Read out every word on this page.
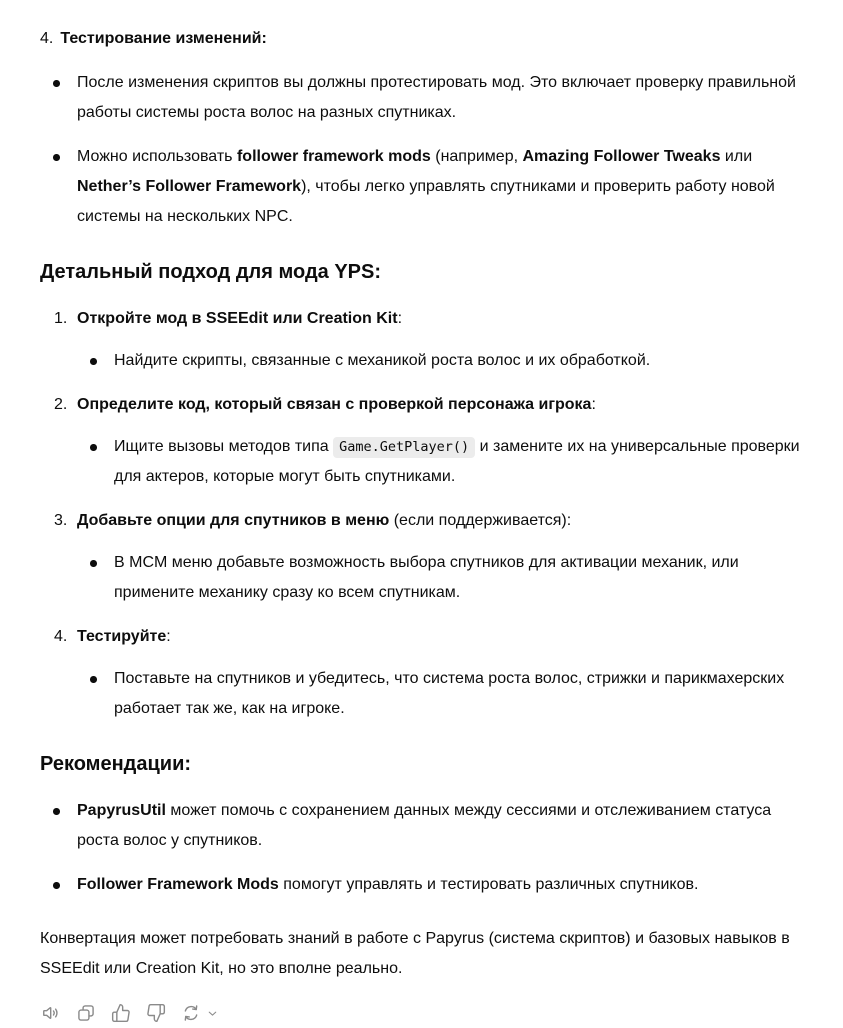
4. Тестирование изменений:

После изменения скриптов вы должны протестировать мод. Это включает проверку правильной работы системы роста волос на разных спутниках.
Можно использовать follower framework mods (например, Amazing Follower Tweaks или Nether’s Follower Framework), чтобы легко управлять спутниками и проверить работу новой системы на нескольких NPC.
Детальный подход для мода YPS:
1. Откройте мод в SSEEdit или Creation Kit:

Найдите скрипты, связанные с механикой роста волос и их обработкой.
2. Определите код, который связан с проверкой персонажа игрока:

Ищите вызовы методов типа Game.GetPlayer() и замените их на универсальные проверки для актеров, которые могут быть спутниками.
3. Добавьте опции для спутников в меню (если поддерживается):

В MCM меню добавьте возможность выбора спутников для активации механик, или примените механику сразу ко всем спутникам.
4. Тестируйте:

Поставьте на спутников и убедитесь, что система роста волос, стрижки и парикмахерских работает так же, как на игроке.
Рекомендации:
PapyrusUtil может помочь с сохранением данных между сессиями и отслеживанием статуса роста волос у спутников.
Follower Framework Mods помогут управлять и тестировать различных спутников.

Конвертация может потребовать знаний в работе с Papyrus (система скриптов) и базовых навыков в SSEEdit или Creation Kit, но это вполне реально.
